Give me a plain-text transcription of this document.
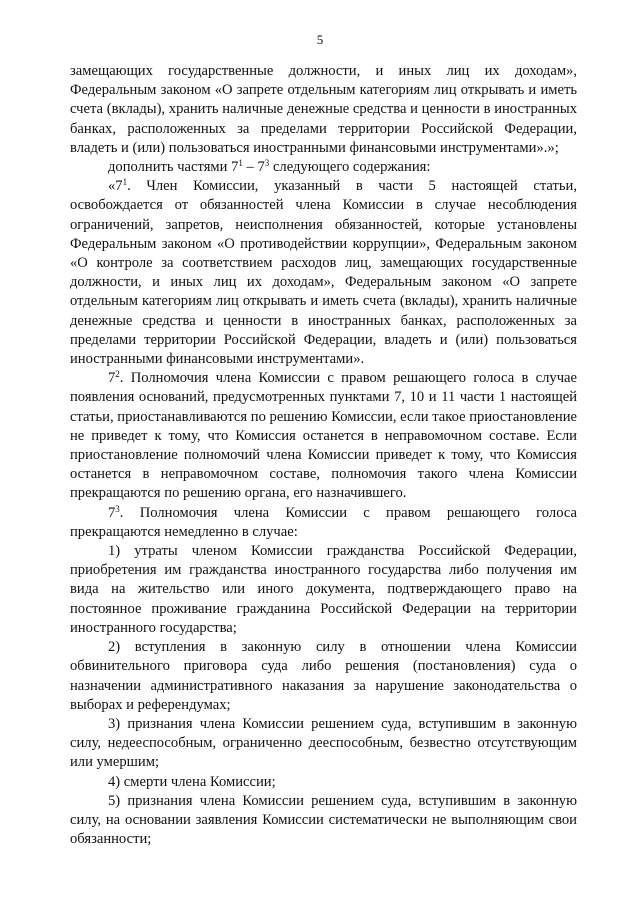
5

замещающих государственные должности, и иных лиц их доходам», Федеральным законом «О запрете отдельным категориям лиц открывать и иметь счета (вклады), хранить наличные денежные средства и ценности в иностранных банках, расположенных за пределами территории Российской Федерации, владеть и (или) пользоваться иностранными финансовыми инструментами».»;

дополнить частями $7^1 - 7^3$ следующего содержания:

«$7^1$. Член Комиссии, указанный в части 5 настоящей статьи, освобождается от обязанностей члена Комиссии в случае несоблюдения ограничений, запретов, неисполнения обязанностей, которые установлены Федеральным законом «О противодействии коррупции», Федеральным законом «О контроле за соответствием расходов лиц, замещающих государственные должности, и иных лиц их доходам», Федеральным законом «О запрете отдельным категориям лиц открывать и иметь счета (вклады), хранить наличные денежные средства и ценности в иностранных банках, расположенных за пределами территории Российской Федерации, владеть и (или) пользоваться иностранными финансовыми инструментами».

$7^2$. Полномочия члена Комиссии с правом решающего голоса в случае появления оснований, предусмотренных пунктами 7, 10 и 11 части 1 настоящей статьи, приостанавливаются по решению Комиссии, если такое приостановление не приведет к тому, что Комиссия останется в неправомочном составе. Если приостановление полномочий члена Комиссии приведет к тому, что Комиссия останется в неправомочном составе, полномочия такого члена Комиссии прекращаются по решению органа, его назначившего.

$7^3$. Полномочия члена Комиссии с правом решающего голоса прекращаются немедленно в случае:

1) утраты членом Комиссии гражданства Российской Федерации, приобретения им гражданства иностранного государства либо получения им вида на жительство или иного документа, подтверждающего право на постоянное проживание гражданина Российской Федерации на территории иностранного государства;

2) вступления в законную силу в отношении члена Комиссии обвинительного приговора суда либо решения (постановления) суда о назначении административного наказания за нарушение законодательства о выборах и референдумах;

3) признания члена Комиссии решением суда, вступившим в законную силу, недееспособным, ограниченно дееспособным, безвестно отсутствующим или умершим;

4) смерти члена Комиссии;

5) признания члена Комиссии решением суда, вступившим в законную силу, на основании заявления Комиссии систематически не выполняющим свои обязанности;
